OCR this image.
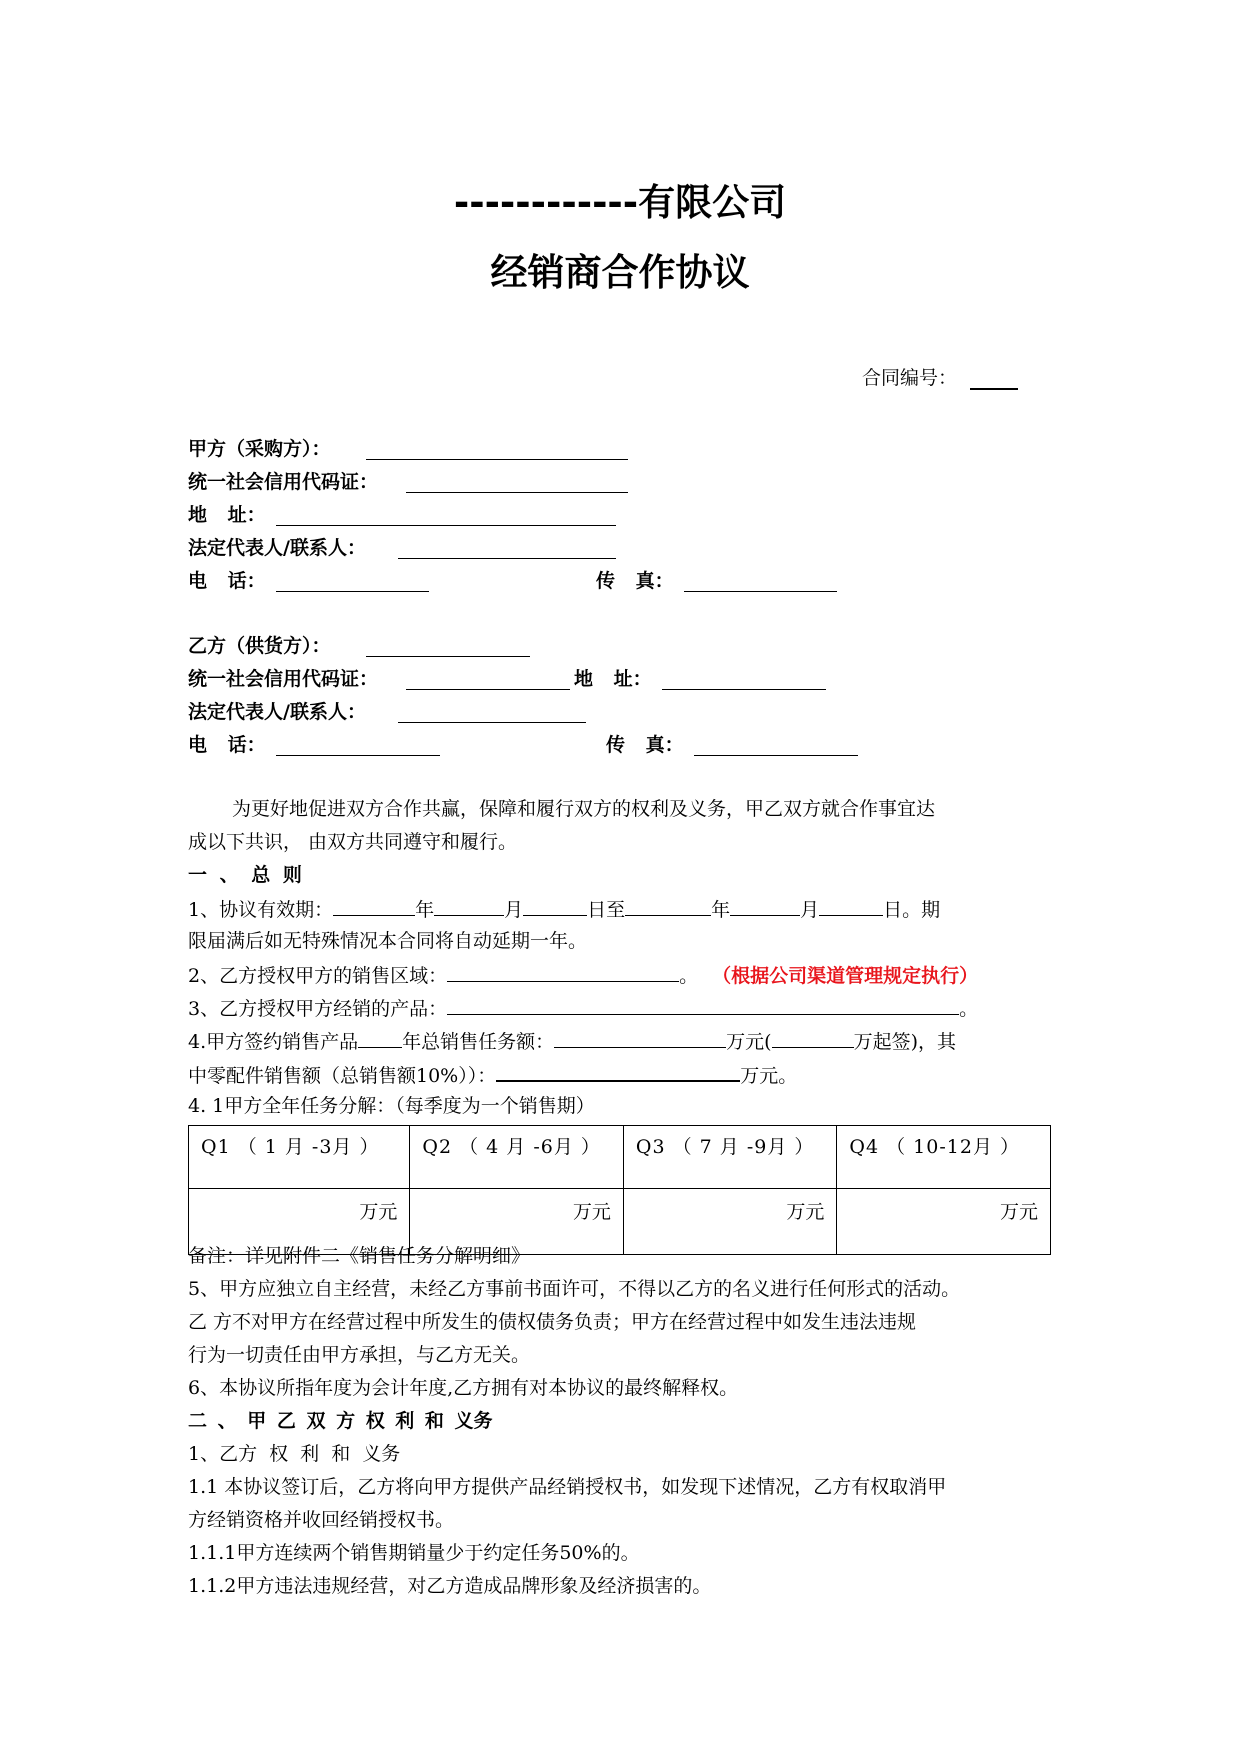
------------有限公司
经销商合作协议
合同编号：
甲方（采购方）：
统一社会信用代码证：
地 址：
法定代表人/联系人：
电 话：	传 真：
乙方（供货方）：
统一社会信用代码证：	地 址：
法定代表人/联系人：
电 话：	传 真：
为更好地促进双方合作共赢，保障和履行双方的权利及义务，甲乙双方就合作事宜达
成以下共识， 由双方共同遵守和履行。
一 、 总 则
1、协议有效期：	年	月	日至	年	月	日。期
限届满后如无特殊情况本合同将自动延期一年。
2、乙方授权甲方的销售区域：	。 （根据公司渠道管理规定执行）
3、乙方授权甲方经销的产品：	。
4.甲方签约销售产品 年总销售任务额：	万元(	万起签)，其
中零配件销售额（总销售额10%））：	万元。
4. 1甲方全年任务分解：（每季度为一个销售期）
Q1 （ 1 月 -3月 ）	Q2 （ 4 月 -6月 ）	Q3 （ 7 月 -9月 ）	Q4 （ 10-12月 ）
万元	万元	万元	万元
备注：详见附件二《销售任务分解明细》
5、甲方应独立自主经营，未经乙方事前书面许可，不得以乙方的名义进行任何形式的活动。
乙 方不对甲方在经营过程中所发生的债权债务负责；甲方在经营过程中如发生违法违规
行为一切责任由甲方承担，与乙方无关。
6、本协议所指年度为会计年度,乙方拥有对本协议的最终解释权。
二 、 甲 乙 双 方 权 利 和 义务
1、乙方 权 利 和 义务
1.1 本协议签订后，乙方将向甲方提供产品经销授权书，如发现下述情况，乙方有权取消甲
方经销资格并收回经销授权书。
1.1.1甲方连续两个销售期销量少于约定任务50%的。
1.1.2甲方违法违规经营，对乙方造成品牌形象及经济损害的。
